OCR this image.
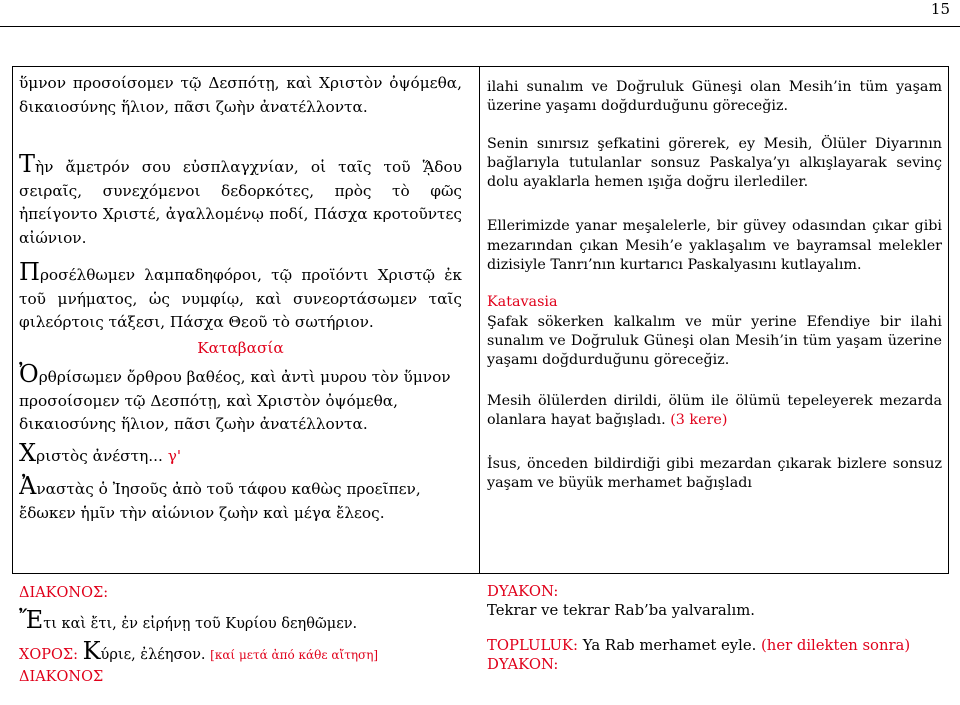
15

ὕμνον προσοίσομεν τῷ Δεσπότῃ, καὶ Χριστὸν ὀψόμεθα, δικαιοσύνης ἥλιον, πᾶσι ζωὴν ἀνατέλλοντα.

Τὴν ἄμετρόν σου εὐσπλαγχνίαν, οἱ ταῖς τοῦ ᾍδου σειραῖς, συνεχόμενοι δεδορκότες, πρὸς τὸ φῶς ἠπείγοντο Χριστέ, ἀγαλλομένῳ ποδί, Πάσχα κροτοῦντες αἰώνιον.

Προσέλθωμεν λαμπαδηφόροι, τῷ προϊόντι Χριστῷ ἐκ τοῦ μνήματος, ὡς νυμφίῳ, καὶ συνεορτάσωμεν ταῖς φιλεόρτοις τάξεσι, Πάσχα Θεοῦ τὸ σωτήριον.

Καταβασία

Ὀρθρίσωμεν ὄρθρου βαθέος, καὶ ἀντὶ μυρου τὸν ὕμνον προσοίσομεν τῷ Δεσπότῃ, καὶ Χριστὸν ὀψόμεθα, δικαιοσύνης ἥλιον, πᾶσι ζωὴν ἀνατέλλοντα.

Χριστὸς ἀνέστη... γ'

Ἀναστὰς ὁ Ἰησοῦς ἀπὸ τοῦ τάφου καθὼς προεῖπεν, ἔδωκεν ἡμῖν τὴν αἰώνιον ζωὴν καὶ μέγα ἔλεος.

ΔΙΑΚΟΝΟΣ:

Ἔτι καὶ ἔτι, ἐν εἰρήνῃ τοῦ Κυρίου δεηθῶμεν.

ΧΟΡΟΣ: Κύριε, ἐλέησον. [καί μετά ἀπό κάθε αἴτηση]

ΔΙΑΚΟΝΟΣ

ilahi sunalım ve Doğruluk Güneşi olan Mesih’in tüm yaşam üzerine yaşamı doğdurduğunu göreceğiz.

Senin sınırsız şefkatini görerek, ey Mesih, Ölüler Diyarının bağlarıyla tutulanlar sonsuz Paskalya’yı alkışlayarak sevinç dolu ayaklarla hemen ışığa doğru ilerlediler.

Ellerimizde yanar meşalelerle, bir güvey odasından çıkar gibi mezarından çıkan Mesih’e yaklaşalım ve bayramsal melekler dizisiyle Tanrı’nın kurtarıcı Paskalyasını kutlayalım.

Katavasia

Şafak sökerken kalkalım ve mür yerine Efendiye bir ilahi sunalım ve Doğruluk Güneşi olan Mesih’in tüm yaşam üzerine yaşamı doğdurduğunu göreceğiz.

Mesih ölülerden dirildi, ölüm ile ölümü tepeleyerek mezarda olanlara hayat bağışladı. (3 kere)

İsus, önceden bildirdiği gibi mezardan çıkarak bizlere sonsuz yaşam ve büyük merhamet bağışladı

DYAKON:

Tekrar ve tekrar Rab’ba yalvaralım.

TOPLULUK: Ya Rab merhamet eyle. (her dilekten sonra)

DYAKON:
